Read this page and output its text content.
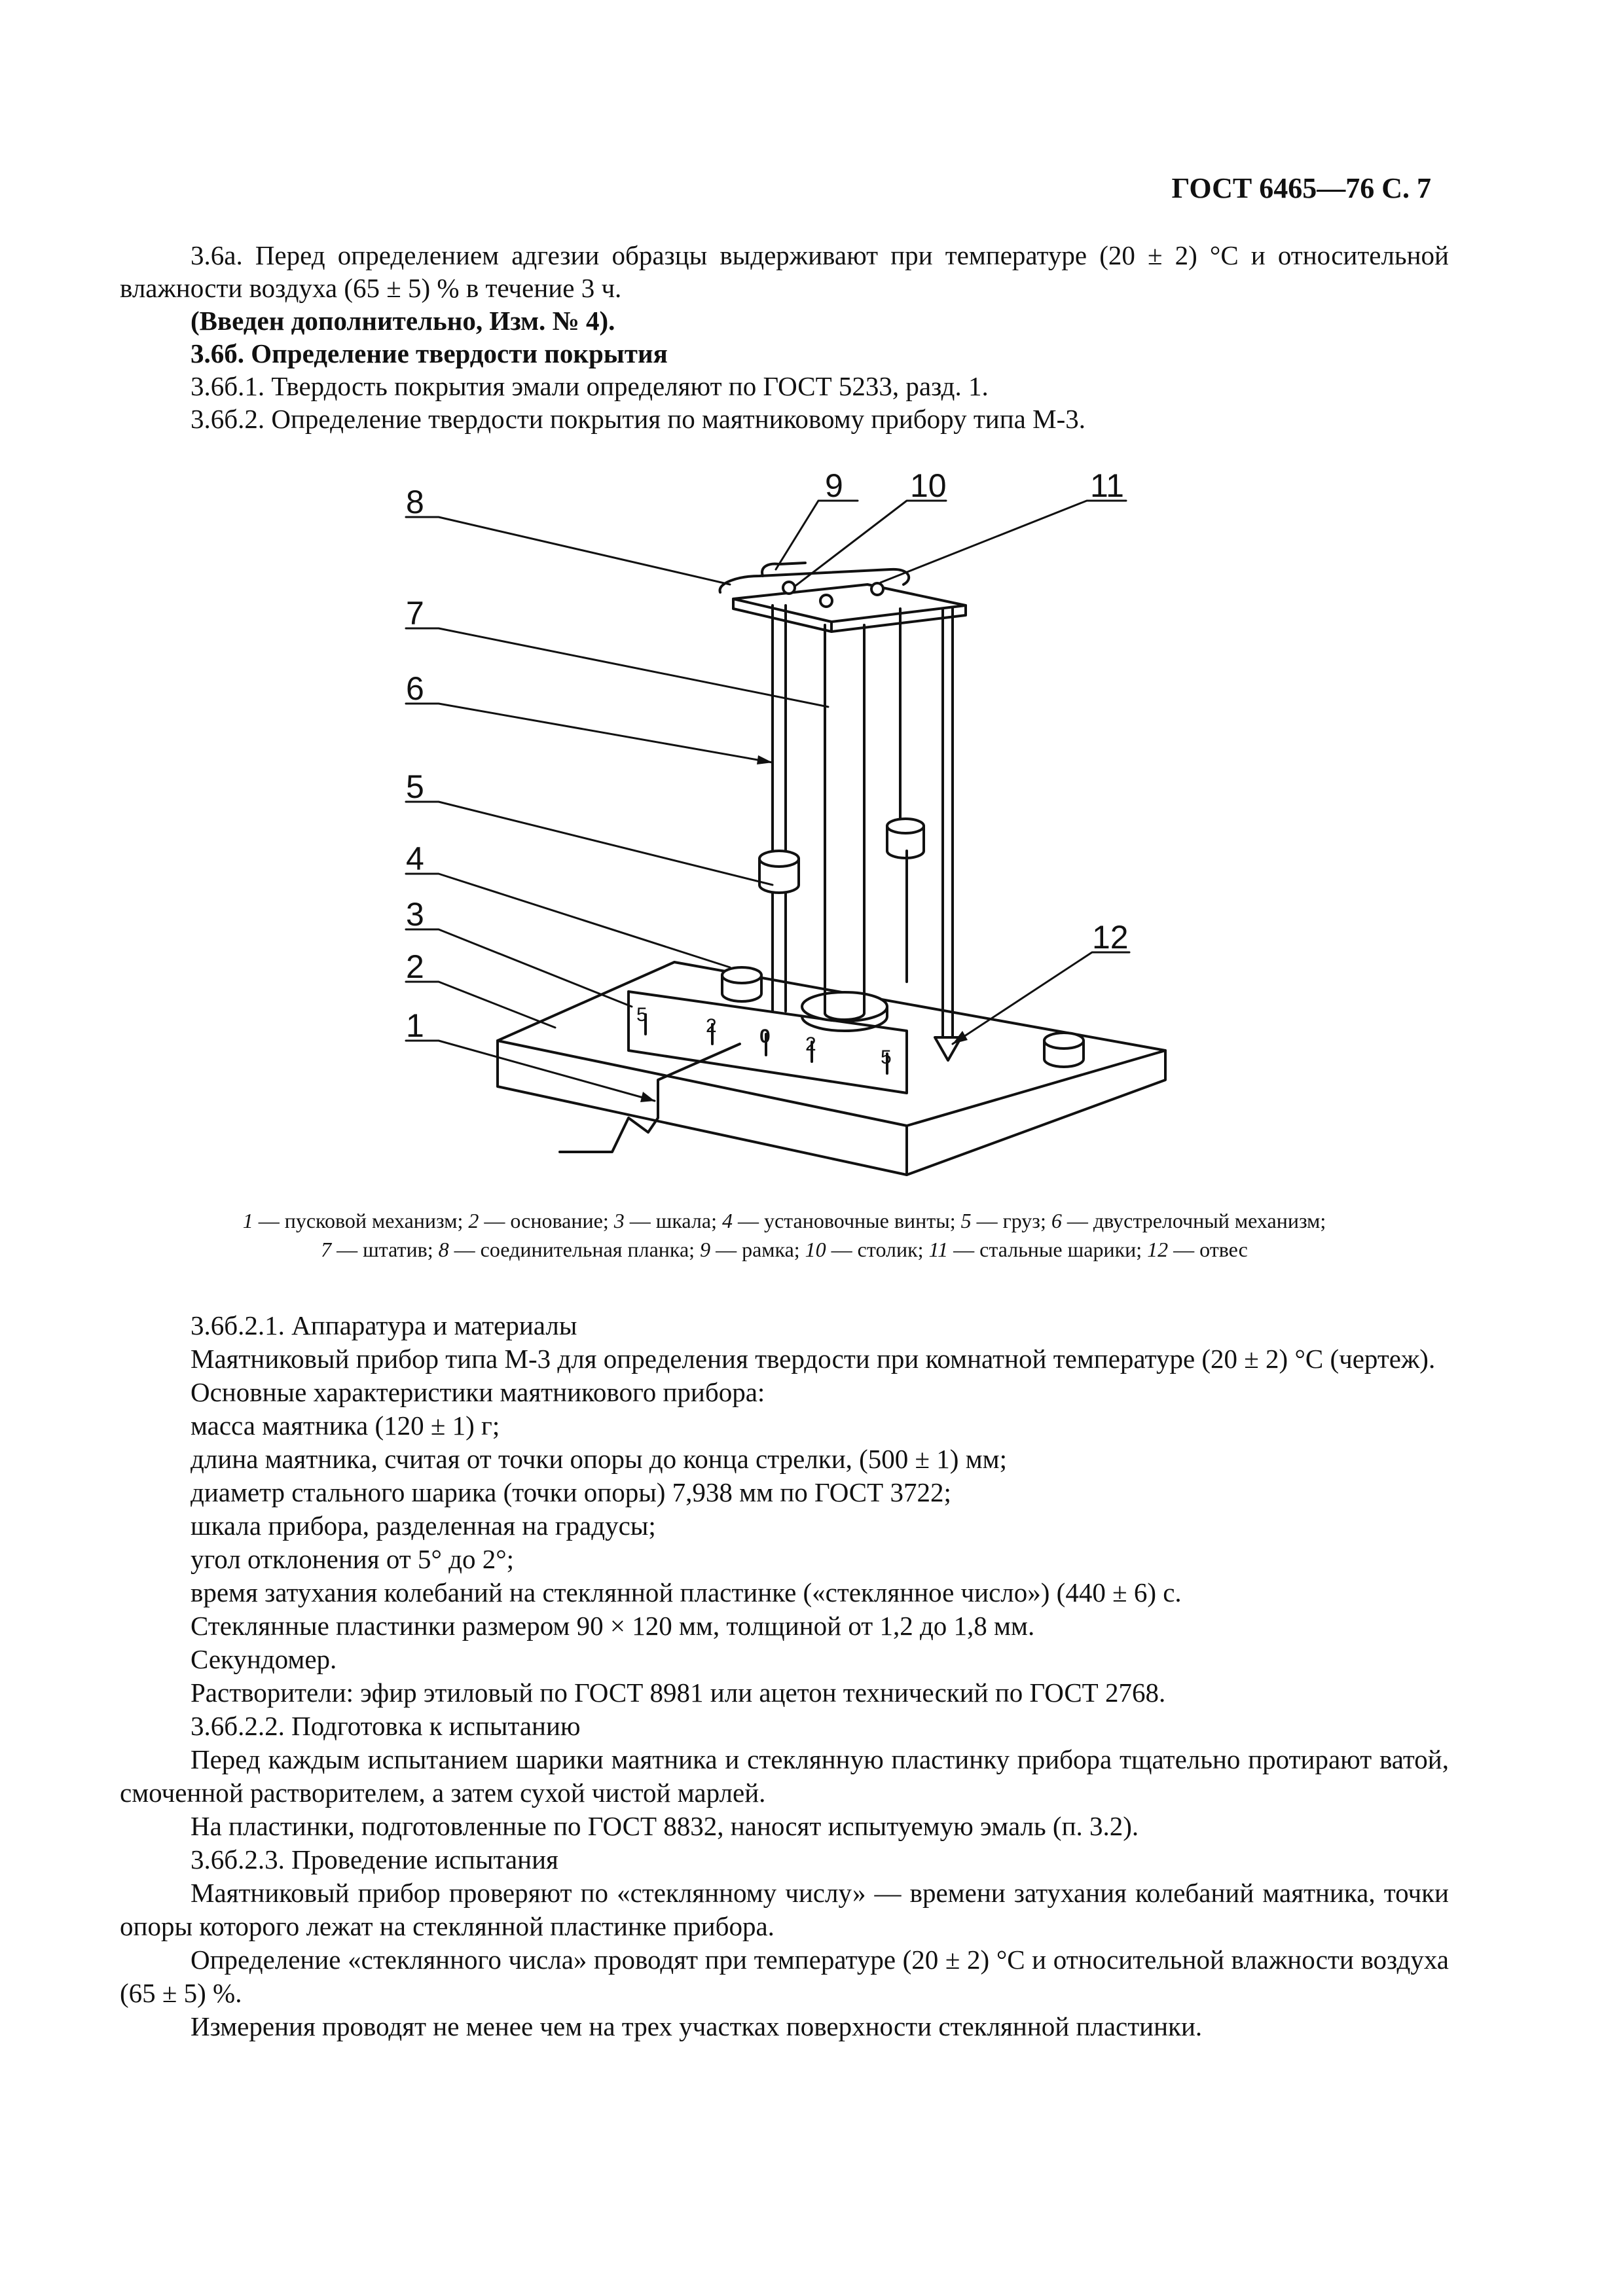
ГОСТ 6465—76 С. 7

3.6а. Перед определением адгезии образцы выдерживают при температуре (20 ± 2) °С и относительной влажности воздуха (65 ± 5) % в течение 3 ч.

(Введен дополнительно, Изм. № 4).

3.6б. Определение твердости покрытия

3.6б.1. Твердость покрытия эмали определяют по ГОСТ 5233, разд. 1.

3.6б.2. Определение твердости покрытия по маятниковому прибору типа М-3.

5
2 0 2
5
8	9 10	11
7
6
5
4
3
2
1
12
1 — пусковой механизм; 2 — основание; 3 — шкала; 4 — установочные винты; 5 — груз; 6 — двустрелочный механизм;
7 — штатив; 8 — соединительная планка; 9 — рамка; 10 — столик; 11 — стальные шарики; 12 — отвес

3.6б.2.1. Аппаратура и материалы

Маятниковый прибор типа М-3 для определения твердости при комнатной температуре (20 ± 2) °С (чертеж).

Основные характеристики маятникового прибора:

масса маятника (120 ± 1) г;

длина маятника, считая от точки опоры до конца стрелки, (500 ± 1) мм;

диаметр стального шарика (точки опоры) 7,938 мм по ГОСТ 3722;

шкала прибора, разделенная на градусы;

угол отклонения от 5° до 2°;

время затухания колебаний на стеклянной пластинке («стеклянное число») (440 ± 6) с.

Стеклянные пластинки размером 90 × 120 мм, толщиной от 1,2 до 1,8 мм.

Секундомер.

Растворители: эфир этиловый по ГОСТ 8981 или ацетон технический по ГОСТ 2768.

3.6б.2.2. Подготовка к испытанию

Перед каждым испытанием шарики маятника и стеклянную пластинку прибора тщательно протирают ватой, смоченной растворителем, а затем сухой чистой марлей.

На пластинки, подготовленные по ГОСТ 8832, наносят испытуемую эмаль (п. 3.2).

3.6б.2.3. Проведение испытания

Маятниковый прибор проверяют по «стеклянному числу» — времени затухания колебаний маятника, точки опоры которого лежат на стеклянной пластинке прибора.

Определение «стеклянного числа» проводят при температуре (20 ± 2) °С и относительной влажности воздуха (65 ± 5) %.

Измерения проводят не менее чем на трех участках поверхности стеклянной пластинки.
